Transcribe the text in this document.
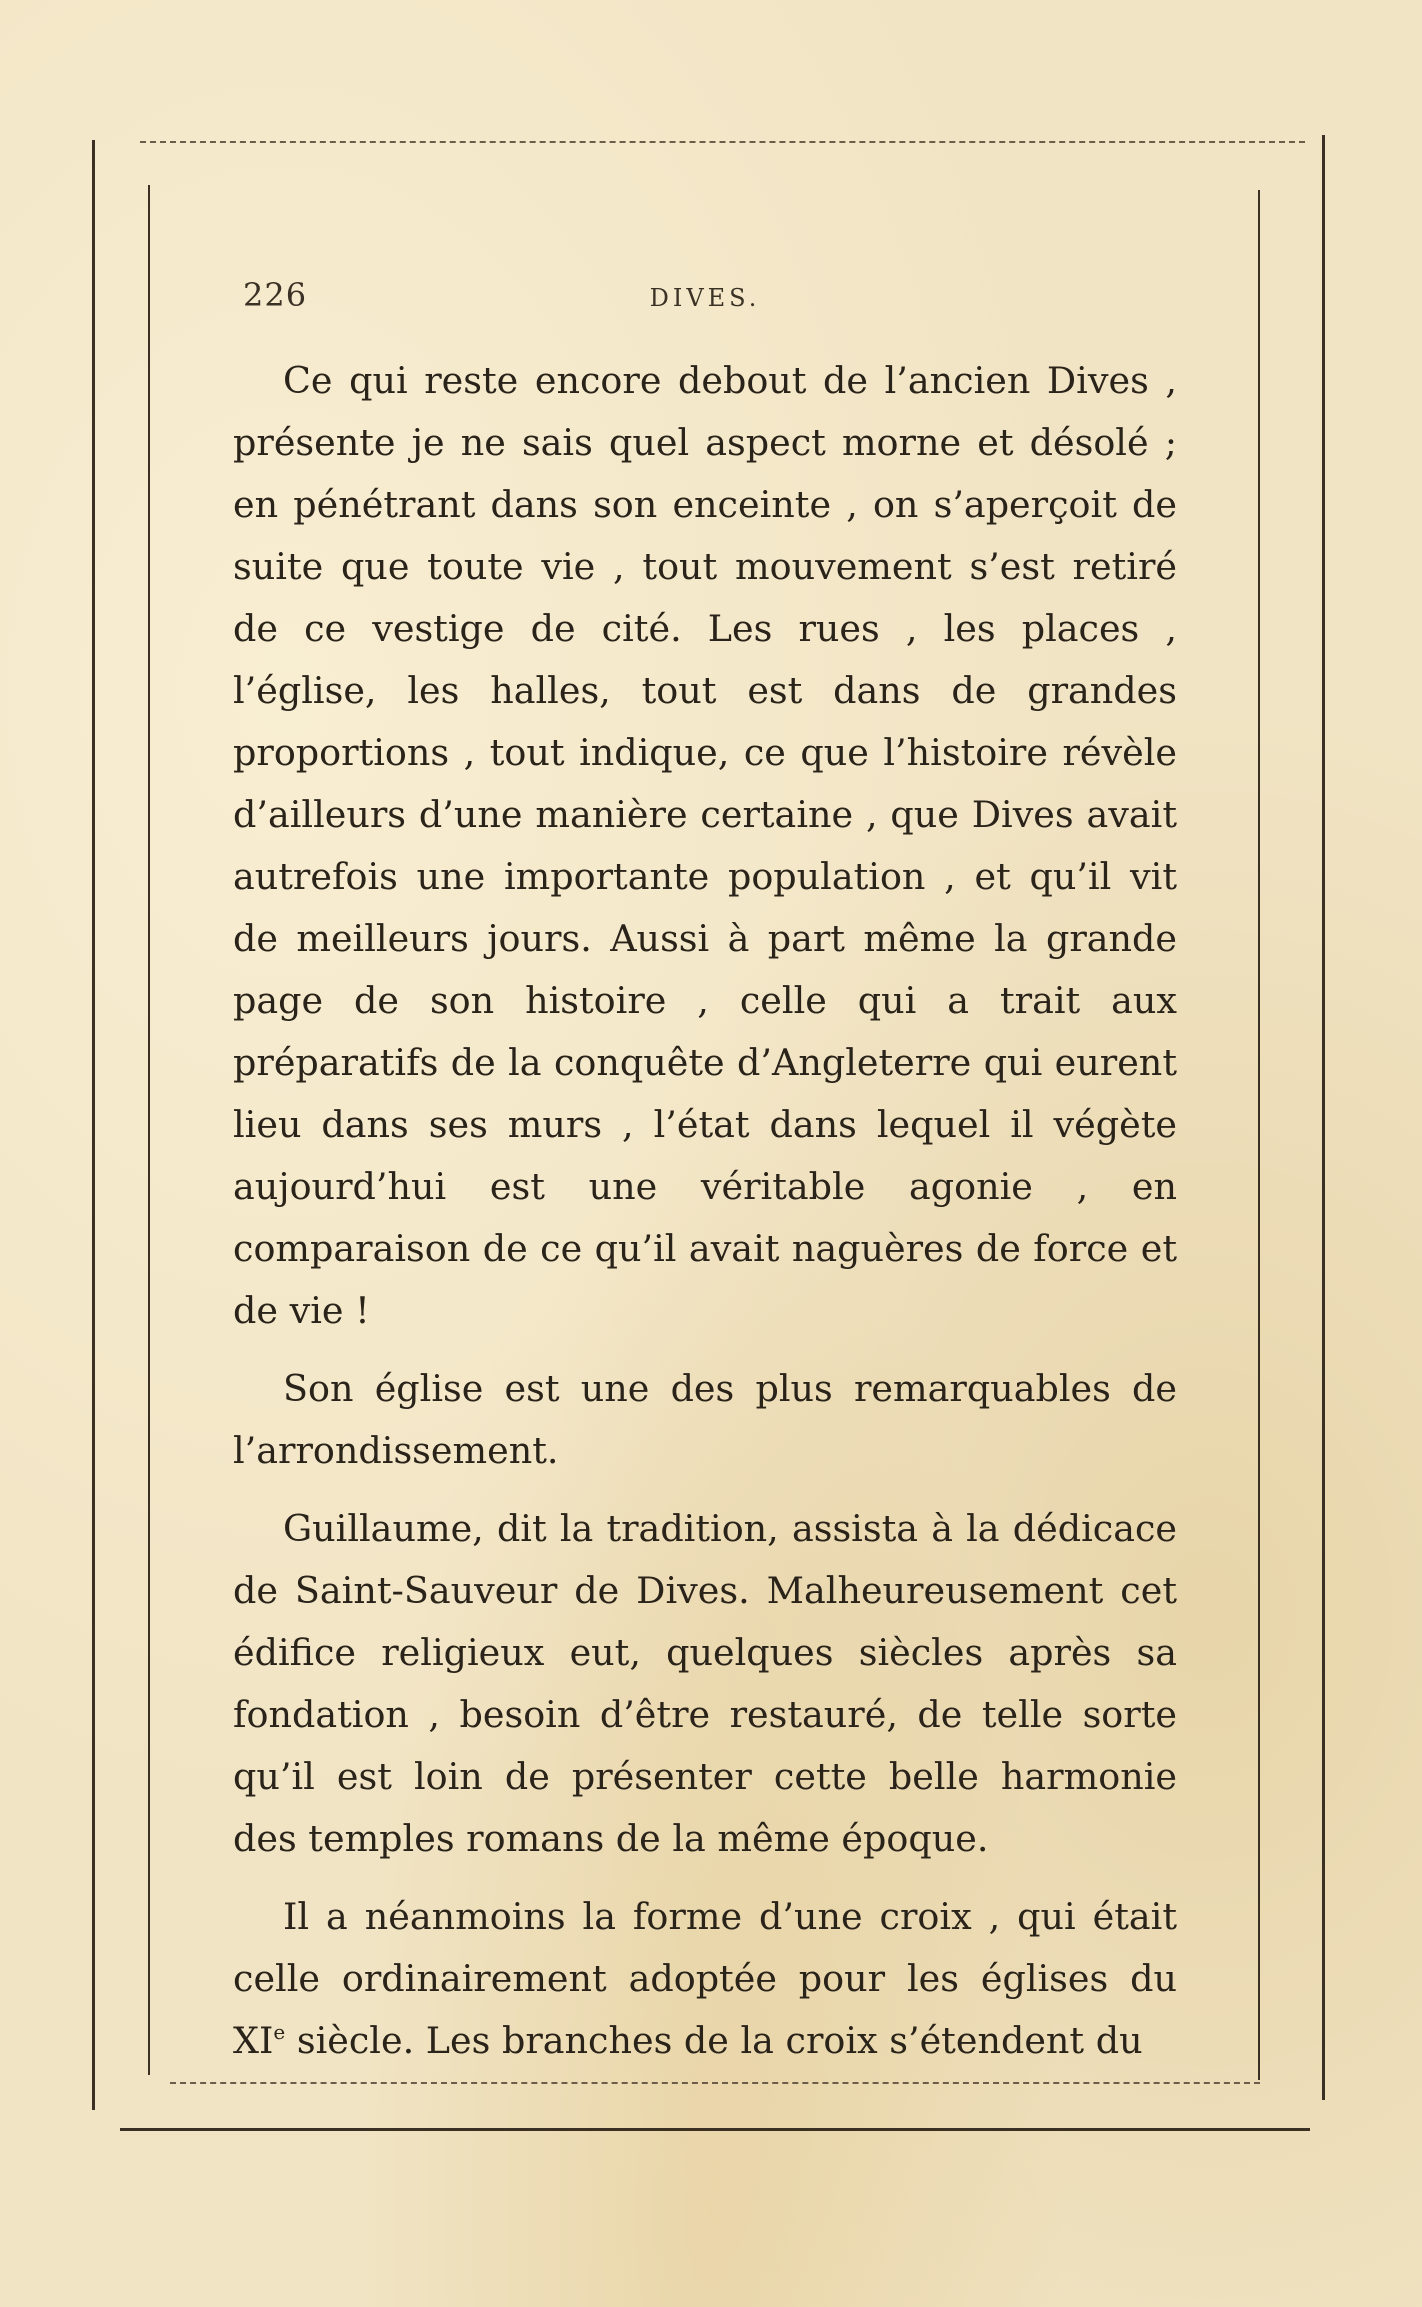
226	DIVES.

Ce qui reste encore debout de l’ancien Dives , présente je ne sais quel aspect morne et désolé ; en pénétrant dans son enceinte , on s’aperçoit de suite que toute vie , tout mouvement s’est retiré de ce vestige de cité. Les rues , les places , l’église, les halles, tout est dans de grandes proportions , tout indique, ce que l’histoire révèle d’ailleurs d’une manière certaine , que Dives avait autrefois une importante population , et qu’il vit de meilleurs jours. Aussi à part même la grande page de son histoire , celle qui a trait aux préparatifs de la conquête d’Angleterre qui eurent lieu dans ses murs , l’état dans lequel il végète aujourd’hui est une véritable agonie , en comparaison de ce qu’il avait naguères de force et de vie !

Son église est une des plus remarquables de l’arrondissement.

Guillaume, dit la tradition, assista à la dédicace de Saint-Sauveur de Dives. Malheureusement cet édifice religieux eut, quelques siècles après sa fondation , besoin d’être restauré, de telle sorte qu’il est loin de présenter cette belle harmonie des temples romans de la même époque.

Il a néanmoins la forme d’une croix , qui était celle ordinairement adoptée pour les églises du XIe siècle. Les branches de la croix s’étendent du
